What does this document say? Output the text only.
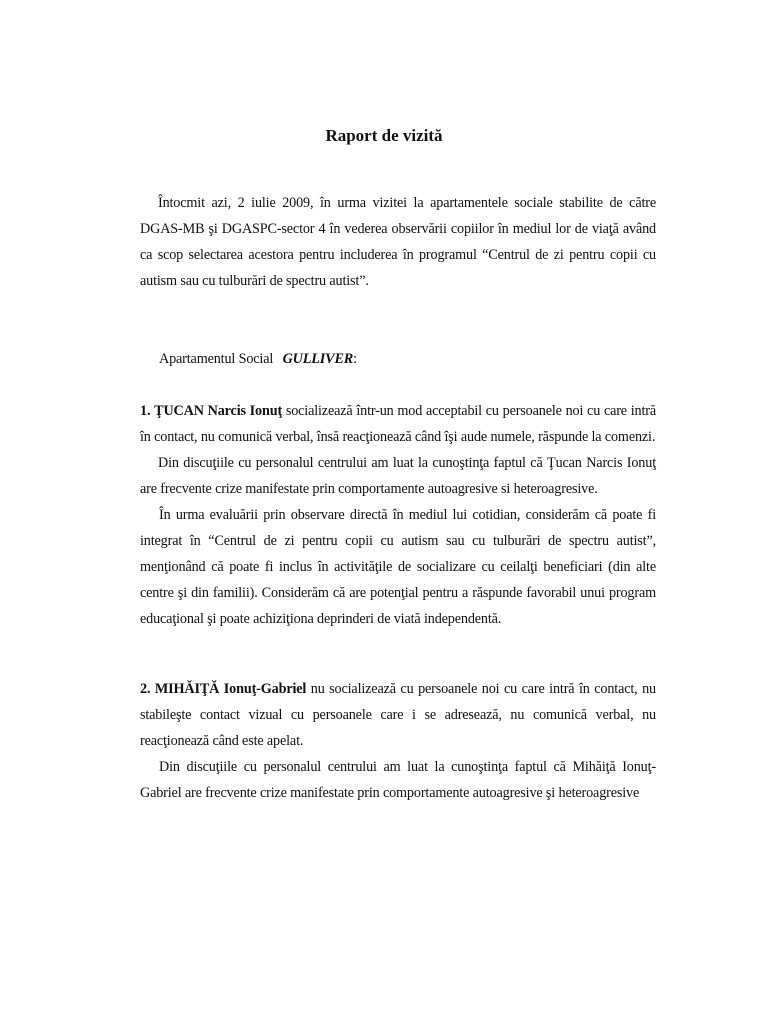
Raport de vizită

Întocmit azi, 2 iulie 2009, în urma vizitei la apartamentele sociale stabilite de către DGAS-MB şi DGASPC-sector 4 în vederea observării copiilor în mediul lor de viaţă având ca scop selectarea acestora pentru includerea în programul “Centrul de zi pentru copii cu autism sau cu tulburări de spectru autist”.

Apartamentul Social GULLIVER:

1. ŢUCAN Narcis Ionuţ socializează într-un mod acceptabil cu persoanele noi cu care intră în contact, nu comunică verbal, însă reacţionează când îşi aude numele, răspunde la comenzi.

Din discuţiile cu personalul centrului am luat la cunoştinţa faptul că Ţucan Narcis Ionuţ are frecvente crize manifestate prin comportamente autoagresive si heteroagresive.

În urma evaluării prin observare directă în mediul lui cotidian, considerăm că poate fi integrat în “Centrul de zi pentru copii cu autism sau cu tulburări de spectru autist”, menţionând că poate fi inclus în activităţile de socializare cu ceilalţi beneficiari (din alte centre şi din familii). Considerăm că are potenţial pentru a răspunde favorabil unui program educaţional şi poate achiziţiona deprinderi de viată independentă.

2. MIHĂIŢĂ Ionuţ-Gabriel nu socializează cu persoanele noi cu care intră în contact, nu stabileşte contact vizual cu persoanele care i se adresează, nu comunică verbal, nu reacţionează când este apelat.

Din discuţiile cu personalul centrului am luat la cunoştinţa faptul că Mihăiţă Ionuţ-Gabriel are frecvente crize manifestate prin comportamente autoagresive şi heteroagresive
